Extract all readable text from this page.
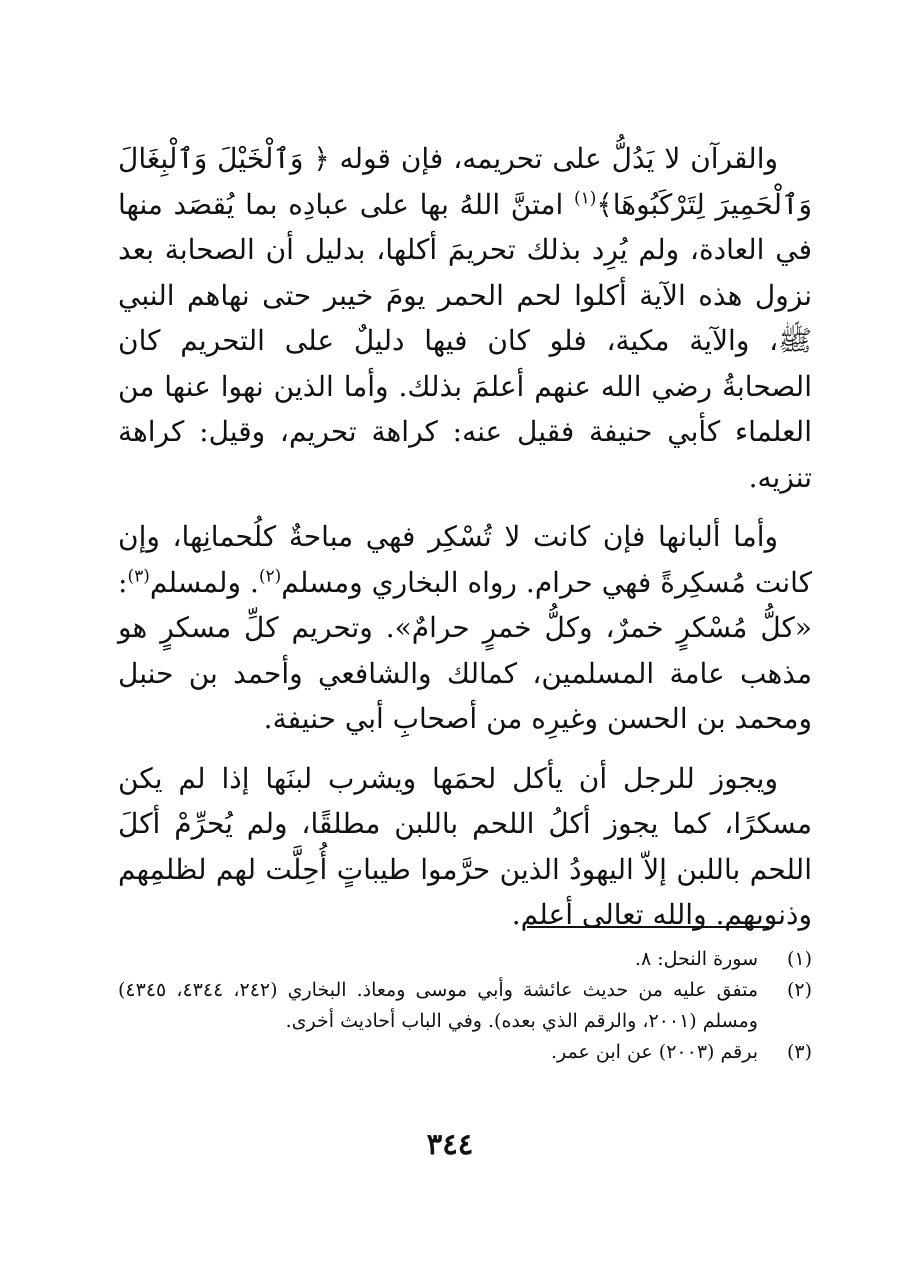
والقرآن لا يَدُلُّ على تحريمه، فإن قوله ﴿ وَٱلْخَيْلَ وَٱلْبِغَالَ وَٱلْحَمِيرَ لِتَرْكَبُوهَا﴾$^{(١)}$ امتنَّ اللهُ بها على عبادِه بما يُقصَد منها في العادة، ولم يُرِد بذلك تحريمَ أكلها، بدليل أن الصحابة بعد نزول هذه الآية أكلوا لحم الحمر يومَ خيبر حتى نهاهم النبي ﷺ، والآية مكية، فلو كان فيها دليلٌ على التحريم كان الصحابةُ رضي الله عنهم أعلمَ بذلك. وأما الذين نهوا عنها من العلماء كأبي حنيفة فقيل عنه: كراهة تحريم، وقيل: كراهة تنزيه.

وأما ألبانها فإن كانت لا تُسْكِر فهي مباحةٌ كلُحمانِها، وإن كانت مُسكِرةً فهي حرام. رواه البخاري ومسلم$^{(٢)}$. ولمسلم$^{(٣)}$: «كلُّ مُسْكرٍ خمرٌ، وكلُّ خمرٍ حرامٌ». وتحريم كلِّ مسكرٍ هو مذهب عامة المسلمين، كمالك والشافعي وأحمد بن حنبل ومحمد بن الحسن وغيرِه من أصحابِ أبي حنيفة.

ويجوز للرجل أن يأكل لحمَها ويشرب لبنَها إذا لم يكن مسكرًا، كما يجوز أكلُ اللحم باللبن مطلقًا، ولم يُحرِّمْ أكلَ اللحم باللبن إلاّ اليهودُ الذين حرَّموا طيباتٍ أُحِلَّت لهم لظلمِهم وذنوبهم. والله تعالى أعلم.

(١)
سورة النحل: ٨.
(٢)
متفق عليه من حديث عائشة وأبي موسى ومعاذ. البخاري (٢٤٢، ٤٣٤٤، ٤٣٤٥) ومسلم (٢٠٠١، والرقم الذي بعده). وفي الباب أحاديث أخرى.
(٣)
برقم (٢٠٠٣) عن ابن عمر.
٣٤٤
